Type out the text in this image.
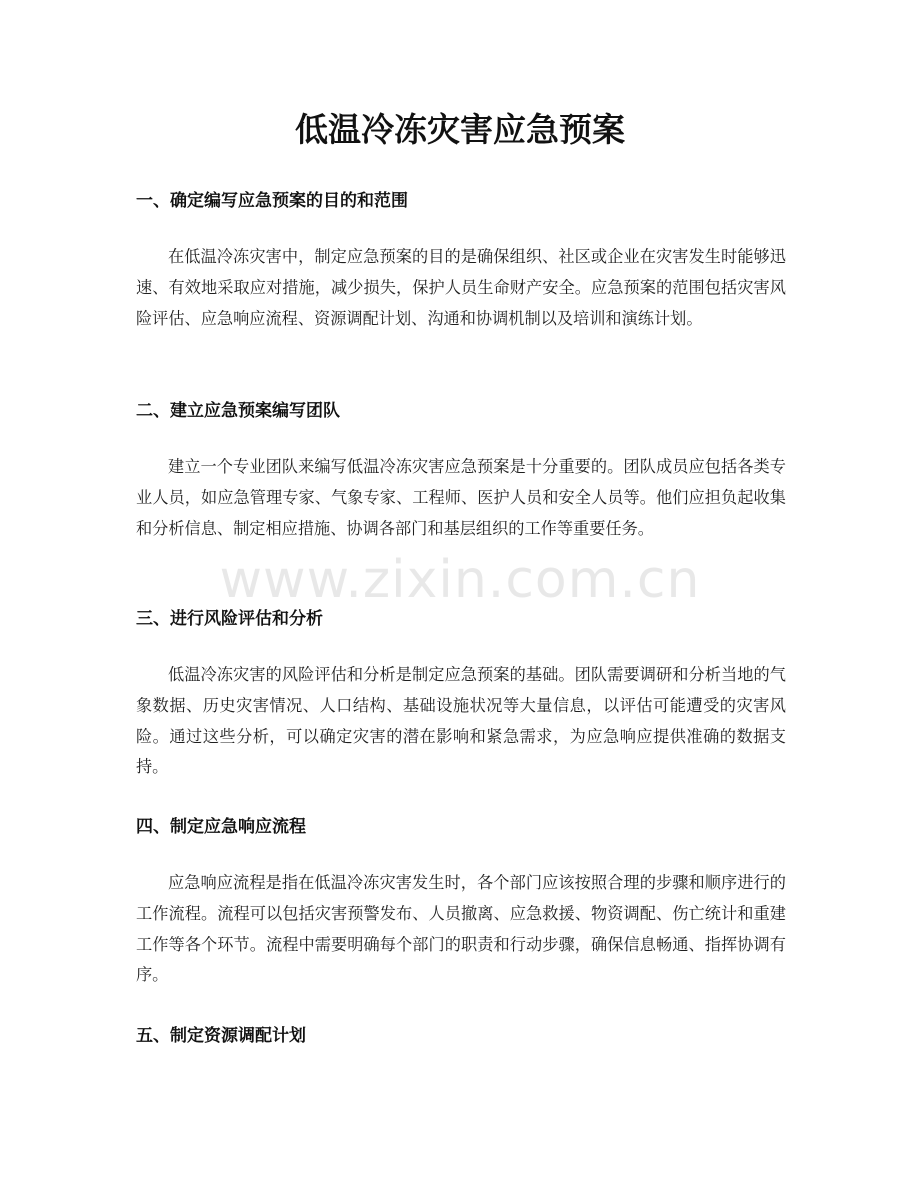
低温冷冻灾害应急预案
一、确定编写应急预案的目的和范围

在低温冷冻灾害中，制定应急预案的目的是确保组织、社区或企业在灾害发生时能够迅速、有效地采取应对措施，减少损失，保护人员生命财产安全。应急预案的范围包括灾害风险评估、应急响应流程、资源调配计划、沟通和协调机制以及培训和演练计划。

二、建立应急预案编写团队

建立一个专业团队来编写低温冷冻灾害应急预案是十分重要的。团队成员应包括各类专业人员，如应急管理专家、气象专家、工程师、医护人员和安全人员等。他们应担负起收集和分析信息、制定相应措施、协调各部门和基层组织的工作等重要任务。

三、进行风险评估和分析

低温冷冻灾害的风险评估和分析是制定应急预案的基础。团队需要调研和分析当地的气象数据、历史灾害情况、人口结构、基础设施状况等大量信息，以评估可能遭受的灾害风险。通过这些分析，可以确定灾害的潜在影响和紧急需求，为应急响应提供准确的数据支持。

四、制定应急响应流程

应急响应流程是指在低温冷冻灾害发生时，各个部门应该按照合理的步骤和顺序进行的工作流程。流程可以包括灾害预警发布、人员撤离、应急救援、物资调配、伤亡统计和重建工作等各个环节。流程中需要明确每个部门的职责和行动步骤，确保信息畅通、指挥协调有序。

五、制定资源调配计划
www.zixin.com.cn
